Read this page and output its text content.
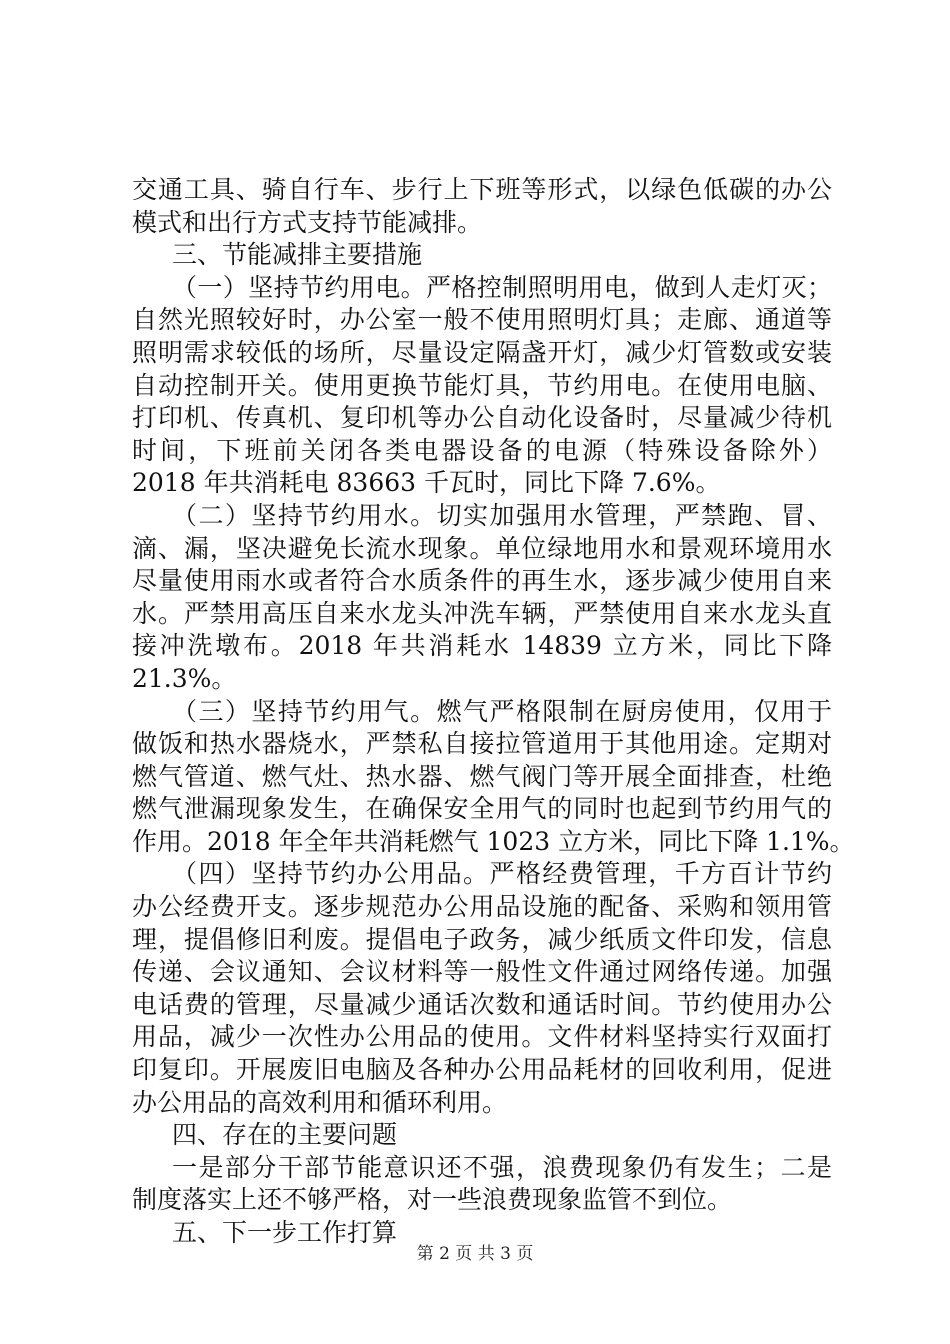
交通工具、骑自行车、步行上下班等形式，以绿色低碳的办公
模式和出行方式支持节能减排。
三、节能减排主要措施
（一）坚持节约用电。严格控制照明用电，做到人走灯灭；
自然光照较好时，办公室一般不使用照明灯具；走廊、通道等
照明需求较低的场所，尽量设定隔盏开灯，减少灯管数或安装
自动控制开关。使用更换节能灯具，节约用电。在使用电脑、
打印机、传真机、复印机等办公自动化设备时，尽量减少待机
时间，下班前关闭各类电器设备的电源（特殊设备除外）
2018 年共消耗电 83663 千瓦时，同比下降 7.6%。
（二）坚持节约用水。切实加强用水管理，严禁跑、冒、
滴、漏，坚决避免长流水现象。单位绿地用水和景观环境用水
尽量使用雨水或者符合水质条件的再生水，逐步减少使用自来
水。严禁用高压自来水龙头冲洗车辆，严禁使用自来水龙头直
接冲洗墩布。2018 年共消耗水 14839 立方米，同比下降
21.3%。
（三）坚持节约用气。燃气严格限制在厨房使用，仅用于
做饭和热水器烧水，严禁私自接拉管道用于其他用途。定期对
燃气管道、燃气灶、热水器、燃气阀门等开展全面排查，杜绝
燃气泄漏现象发生，在确保安全用气的同时也起到节约用气的
作用。2018 年全年共消耗燃气 1023 立方米，同比下降 1.1%。
（四）坚持节约办公用品。严格经费管理，千方百计节约
办公经费开支。逐步规范办公用品设施的配备、采购和领用管
理，提倡修旧利废。提倡电子政务，减少纸质文件印发，信息
传递、会议通知、会议材料等一般性文件通过网络传递。加强
电话费的管理，尽量减少通话次数和通话时间。节约使用办公
用品，减少一次性办公用品的使用。文件材料坚持实行双面打
印复印。开展废旧电脑及各种办公用品耗材的回收利用，促进
办公用品的高效利用和循环利用。
四、存在的主要问题
一是部分干部节能意识还不强，浪费现象仍有发生；二是
制度落实上还不够严格，对一些浪费现象监管不到位。
五、下一步工作打算
第 2 页 共 3 页
